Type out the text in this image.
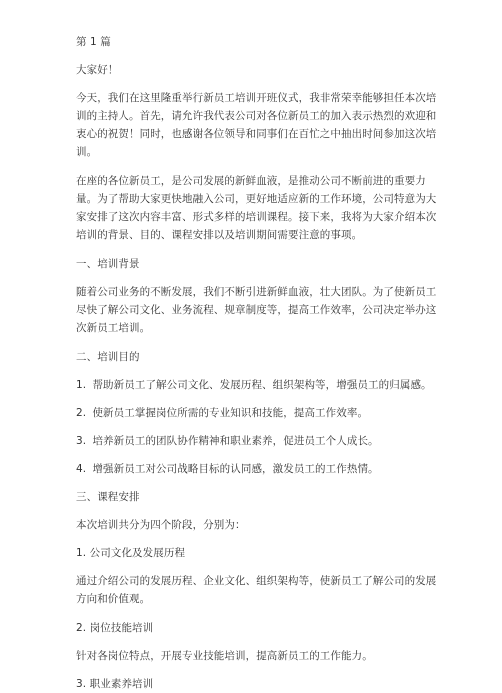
第 1 篇

大家好！

今天，我们在这里隆重举行新员工培训开班仪式，我非常荣幸能够担任本次培训的主持人。首先，请允许我代表公司对各位新员工的加入表示热烈的欢迎和衷心的祝贺！同时，也感谢各位领导和同事们在百忙之中抽出时间参加这次培训。

在座的各位新员工，是公司发展的新鲜血液，是推动公司不断前进的重要力量。为了帮助大家更快地融入公司，更好地适应新的工作环境，公司特意为大家安排了这次内容丰富、形式多样的培训课程。接下来，我将为大家介绍本次培训的背景、目的、课程安排以及培训期间需要注意的事项。

一、培训背景

随着公司业务的不断发展，我们不断引进新鲜血液，壮大团队。为了使新员工尽快了解公司文化、业务流程、规章制度等，提高工作效率，公司决定举办这次新员工培训。

二、培训目的

1. 帮助新员工了解公司文化、发展历程、组织架构等，增强员工的归属感。

2. 使新员工掌握岗位所需的专业知识和技能，提高工作效率。

3. 培养新员工的团队协作精神和职业素养，促进员工个人成长。

4. 增强新员工对公司战略目标的认同感，激发员工的工作热情。

三、课程安排

本次培训共分为四个阶段，分别为：

1. 公司文化及发展历程

通过介绍公司的发展历程、企业文化、组织架构等，使新员工了解公司的发展方向和价值观。

2. 岗位技能培训

针对各岗位特点，开展专业技能培训，提高新员工的工作能力。

3. 职业素养培训
